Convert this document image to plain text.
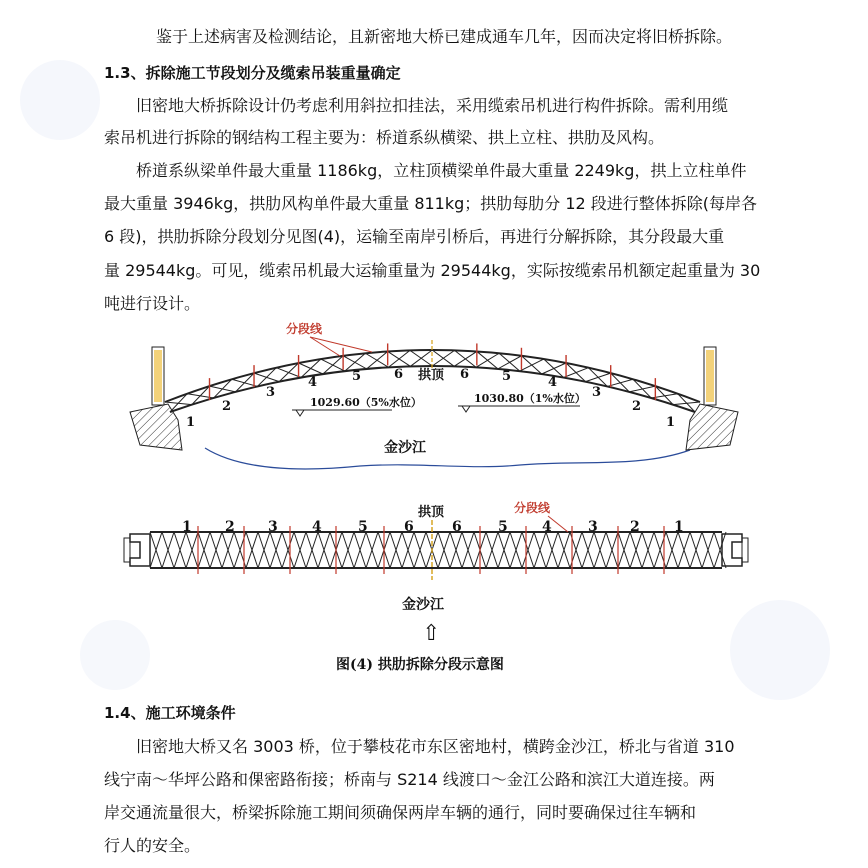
鉴于上述病害及检测结论，且新密地大桥已建成通车几年，因而决定将旧桥拆除。
1.3、拆除施工节段划分及缆索吊装重量确定
旧密地大桥拆除设计仍考虑利用斜拉扣挂法，采用缆索吊机进行构件拆除。需利用缆
索吊机进行拆除的钢结构工程主要为：桥道系纵横梁、拱上立柱、拱肋及风构。
桥道系纵梁单件最大重量 1186kg，立柱顶横梁单件最大重量 2249kg，拱上立柱单件
最大重量 3946kg，拱肋风构单件最大重量 811kg；拱肋每肋分 12 段进行整体拆除(每岸各
6 段)，拱肋拆除分段划分见图(4)，运输至南岸引桥后，再进行分解拆除，其分段最大重
量 29544kg。可见，缆索吊机最大运输重量为 29544kg，实际按缆索吊机额定起重量为 30
吨进行设计。
分段线
拱顶
1
2
3
4	5	6	6	5	4
3
2
1
1029.60（5%水位）	1030.80（1%水位）
金沙江
拱顶	分段线
1 2 3 4	5	6	6	5 4	3 2 1
金沙江
⇧
图(4) 拱肋拆除分段示意图
1.4、施工环境条件
旧密地大桥又名 3003 桥，位于攀枝花市东区密地村，横跨金沙江，桥北与省道 310
线宁南～华坪公路和倮密路衔接；桥南与 S214 线渡口～金江公路和滨江大道连接。两
岸交通流量很大，桥梁拆除施工期间须确保两岸车辆的通行，同时要确保过往车辆和
行人的安全。
